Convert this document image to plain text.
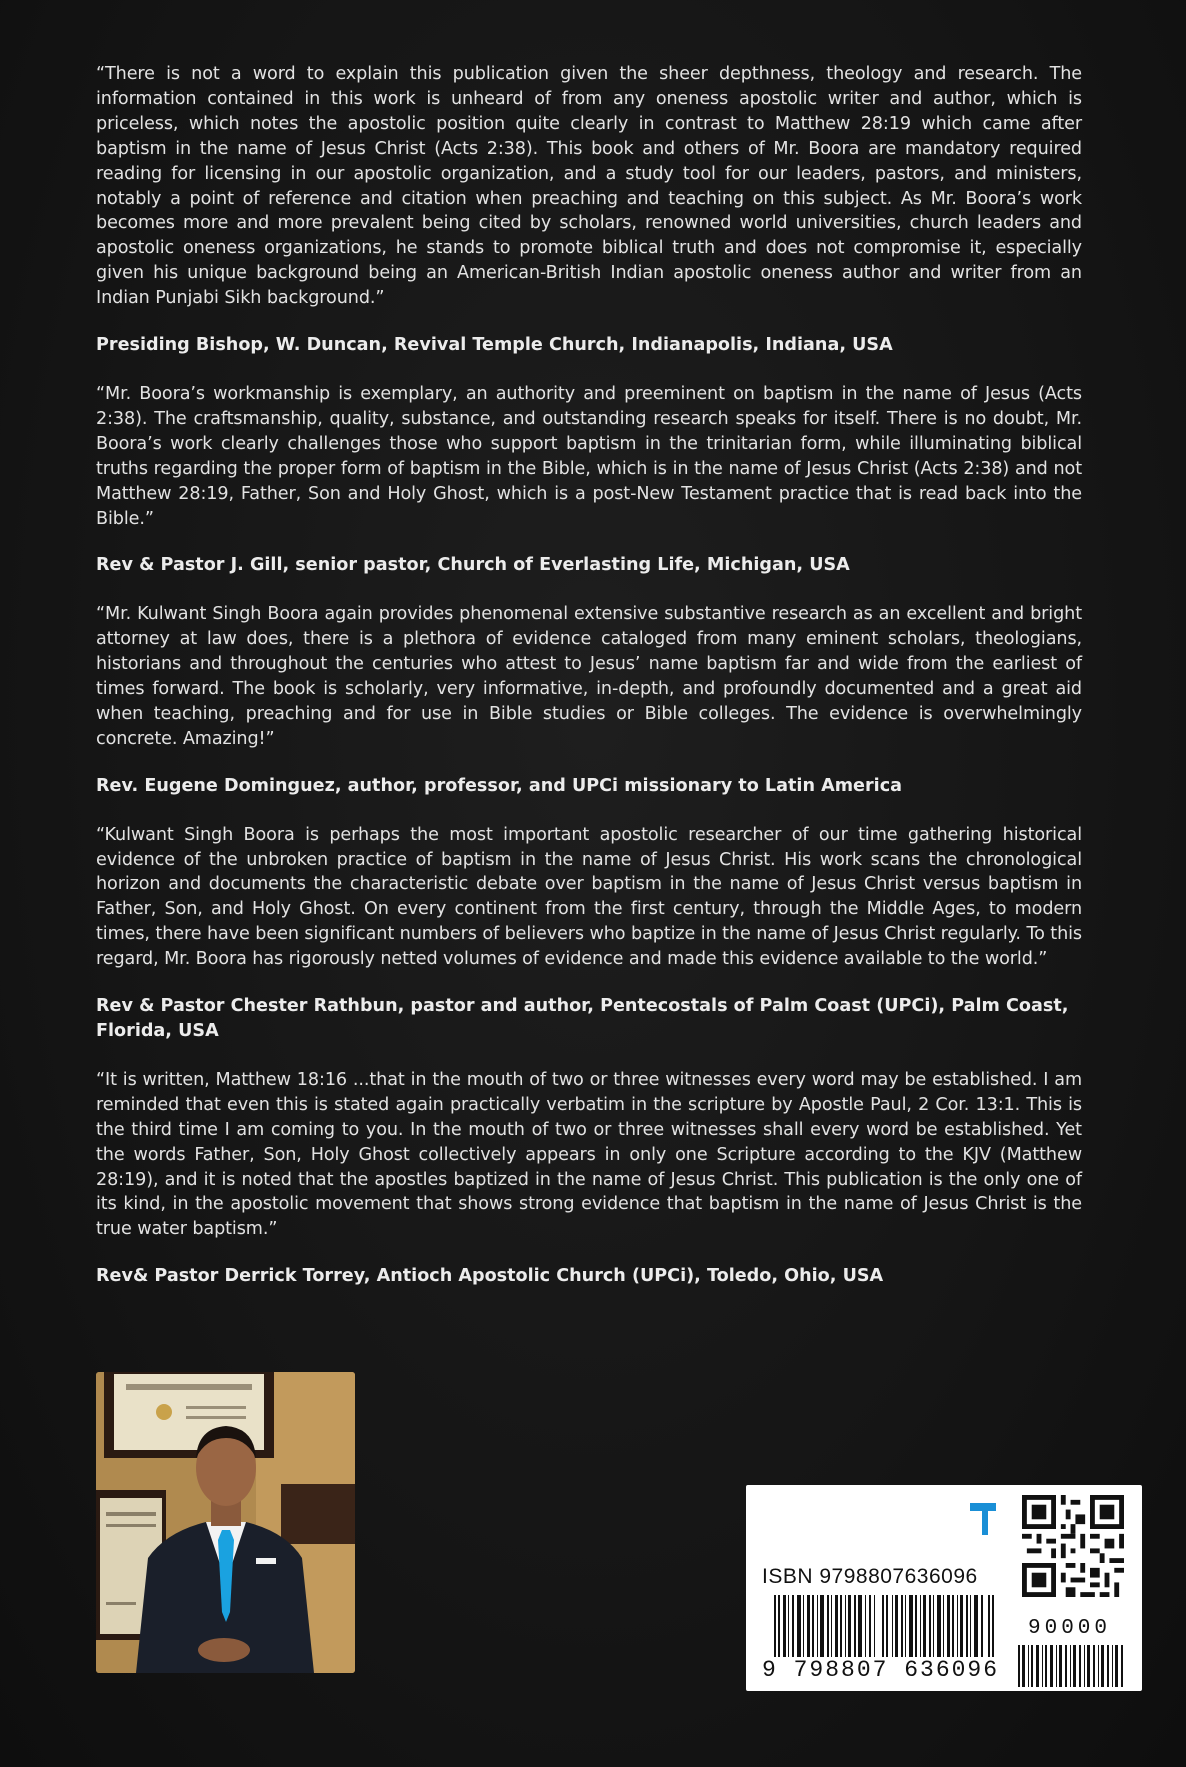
“There is not a word to explain this publication given the sheer depthness, theology and research. The information contained in this work is unheard of from any oneness apostolic writer and author, which is priceless, which notes the apostolic position quite clearly in contrast to Matthew 28:19 which came after baptism in the name of Jesus Christ (Acts 2:38). This book and others of Mr. Boora are mandatory required reading for licensing in our apostolic organization, and a study tool for our leaders, pastors, and ministers, notably a point of reference and citation when preaching and teaching on this subject. As Mr. Boora’s work becomes more and more prevalent being cited by scholars, renowned world universities, church leaders and apostolic oneness organizations, he stands to promote biblical truth and does not compromise it, especially given his unique background being an American-British Indian apostolic oneness author and writer from an Indian Punjabi Sikh background.”

Presiding Bishop, W. Duncan, Revival Temple Church, Indianapolis, Indiana, USA

“Mr. Boora’s workmanship is exemplary, an authority and preeminent on baptism in the name of Jesus (Acts 2:38). The craftsmanship, quality, substance, and outstanding research speaks for itself. There is no doubt, Mr. Boora’s work clearly challenges those who support baptism in the trinitarian form, while illuminating biblical truths regarding the proper form of baptism in the Bible, which is in the name of Jesus Christ (Acts 2:38) and not Matthew 28:19, Father, Son and Holy Ghost, which is a post-New Testament practice that is read back into the Bible.”

Rev & Pastor J. Gill, senior pastor, Church of Everlasting Life, Michigan, USA

“Mr. Kulwant Singh Boora again provides phenomenal extensive substantive research as an excellent and bright attorney at law does, there is a plethora of evidence cataloged from many eminent scholars, theologians, historians and throughout the centuries who attest to Jesus’ name baptism far and wide from the earliest of times forward. The book is scholarly, very informative, in-depth, and profoundly documented and a great aid when teaching, preaching and for use in Bible studies or Bible colleges. The evidence is overwhelmingly concrete. Amazing!”

Rev. Eugene Dominguez, author, professor, and UPCi missionary to Latin America

“Kulwant Singh Boora is perhaps the most important apostolic researcher of our time gathering historical evidence of the unbroken practice of baptism in the name of Jesus Christ. His work scans the chronological horizon and documents the characteristic debate over baptism in the name of Jesus Christ versus baptism in Father, Son, and Holy Ghost. On every continent from the first century, through the Middle Ages, to modern times, there have been significant numbers of believers who baptize in the name of Jesus Christ regularly. To this regard, Mr. Boora has rigorously netted volumes of evidence and made this evidence available to the world.”

Rev & Pastor Chester Rathbun, pastor and author, Pentecostals of Palm Coast (UPCi), Palm Coast, Florida, USA

“It is written, Matthew 18:16 ...that in the mouth of two or three witnesses every word may be established. I am reminded that even this is stated again practically verbatim in the scripture by Apostle Paul, 2 Cor. 13:1. This is the third time I am coming to you. In the mouth of two or three witnesses shall every word be established. Yet the words Father, Son, Holy Ghost collectively appears in only one Scripture according to the KJV (Matthew 28:19), and it is noted that the apostles baptized in the name of Jesus Christ. This publication is the only one of its kind, in the apostolic movement that shows strong evidence that baptism in the name of Jesus Christ is the true water baptism.”

Rev& Pastor Derrick Torrey, Antioch Apostolic Church (UPCi), Toledo, Ohio, USA

ISBN 9798807636096
9 798807 636096
90000
